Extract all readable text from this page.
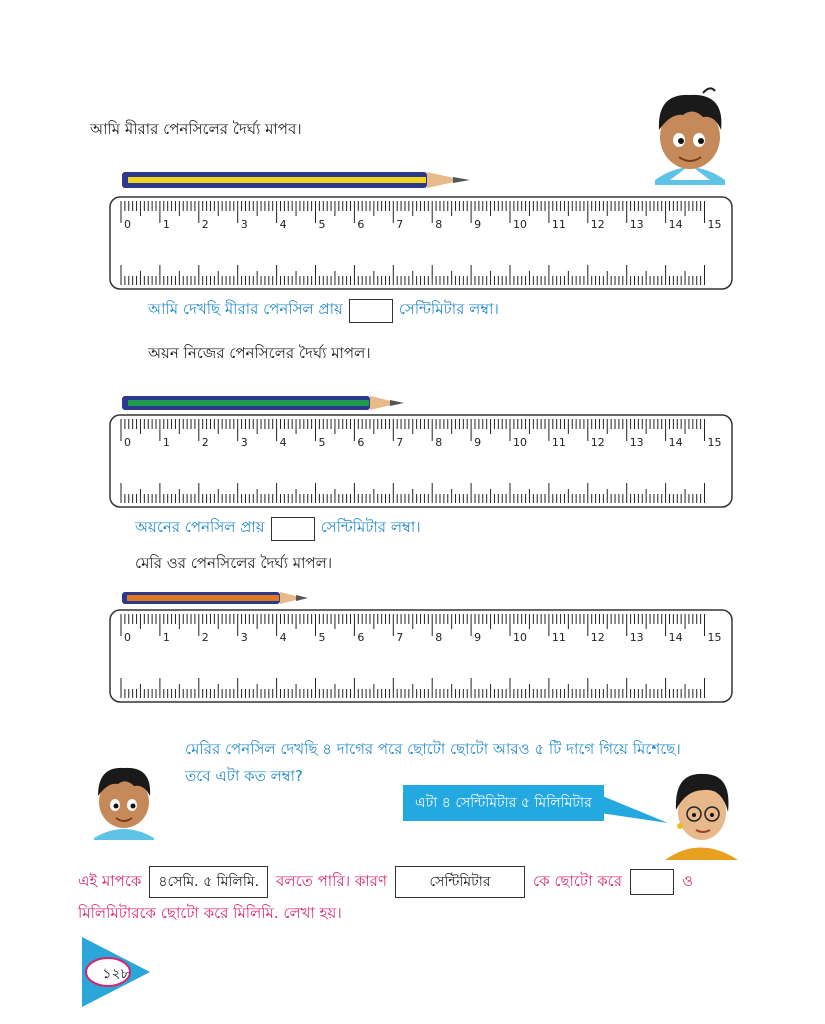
আমি মীরার পেনসিলের দৈর্ঘ্য মাপব।
0	1	2	3	4	5	6	7	8	9	10 11 12 13 14 15
আমি দেখছি মীরার পেনসিল প্রায়	সেন্টিমিটার লম্বা।
অয়ন নিজের পেনসিলের দৈর্ঘ্য মাপল।
0	1	2	3	4	5	6	7	8	9	10 11 12 13 14 15
অয়নের পেনসিল প্রায়	সেন্টিমিটার লম্বা।
মেরি ওর পেনসিলের দৈর্ঘ্য মাপল।
0	1	2	3	4	5	6	7	8	9	10 11 12 13 14 15
মেরির পেনসিল দেখছি ৪ দাগের পরে ছোটো ছোটো আরও ৫ টি দাগে গিয়ে মিশেছে।
তবে এটা কত লম্বা?
এটা ৪ সেন্টিমিটার ৫ মিলিমিটার
এই মাপকে	৪সেমি. ৫ মিলিমি.	বলতে পারি। কারণ	সেন্টিমিটার	কে ছোটো করে	ও
মিলিমিটারকে ছোটো করে মিলিমি. লেখা হয়।
১২৮
